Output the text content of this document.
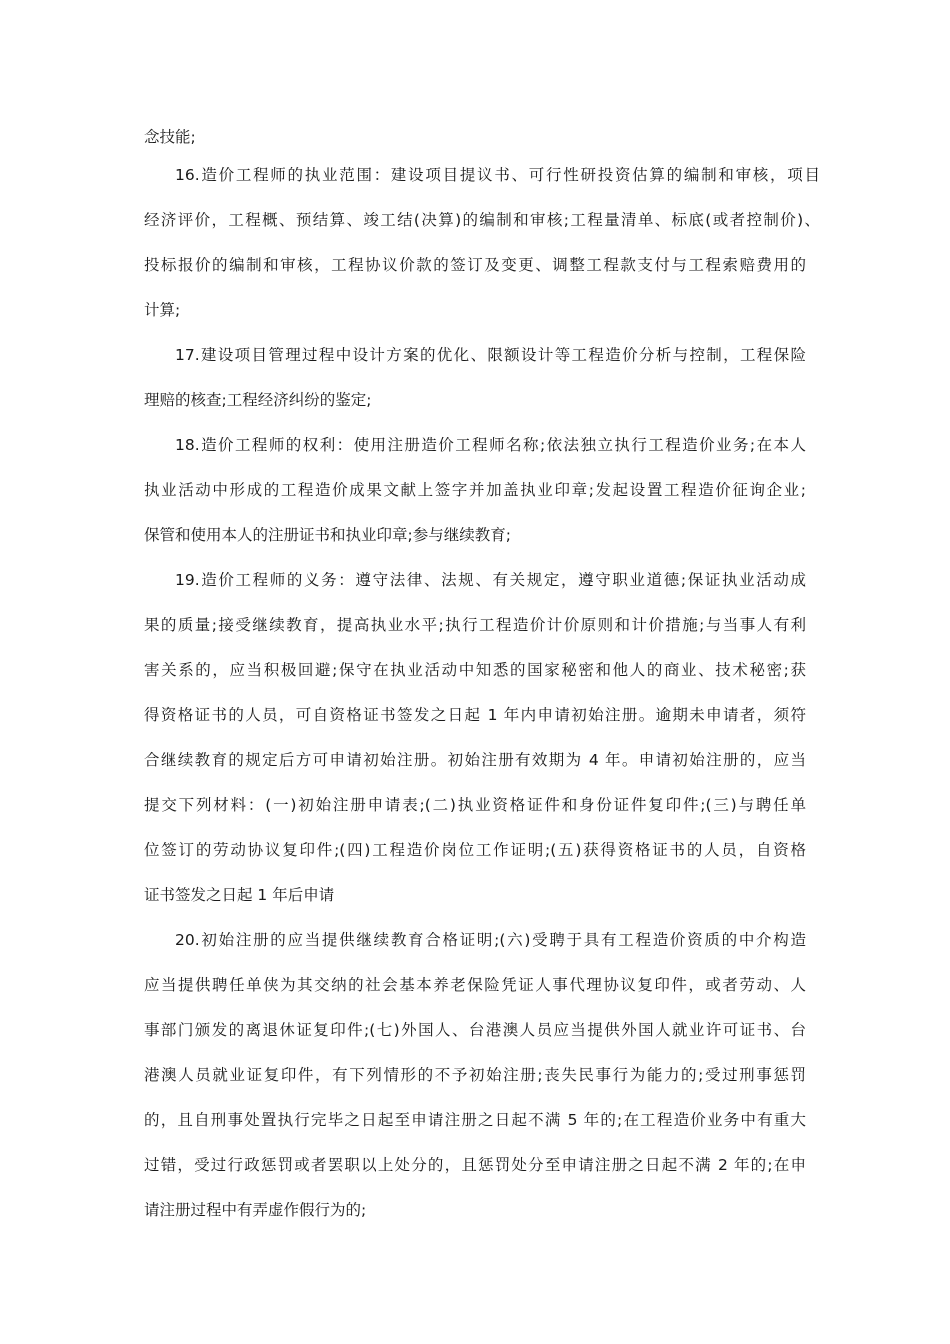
念技能;
16.造价工程师的执业范围：建设项目提议书、可行性研投资估算的编制和审核，项目
经济评价，工程概、预结算、竣工结(决算)的编制和审核;工程量清单、标底(或者控制价)、
投标报价的编制和审核，工程协议价款的签订及变更、调整工程款支付与工程索赔费用的
计算;
17.建设项目管理过程中设计方案的优化、限额设计等工程造价分析与控制，工程保险
理赔的核查;工程经济纠纷的鉴定;
18.造价工程师的权利：使用注册造价工程师名称;依法独立执行工程造价业务;在本人
执业活动中形成的工程造价成果文献上签字并加盖执业印章;发起设置工程造价征询企业;
保管和使用本人的注册证书和执业印章;参与继续教育;
19.造价工程师的义务：遵守法律、法规、有关规定，遵守职业道德;保证执业活动成
果的质量;接受继续教育，提高执业水平;执行工程造价计价原则和计价措施;与当事人有利
害关系的，应当积极回避;保守在执业活动中知悉的国家秘密和他人的商业、技术秘密;获
得资格证书的人员，可自资格证书签发之日起 1 年内申请初始注册。逾期未申请者，须符
合继续教育的规定后方可申请初始注册。初始注册有效期为 4 年。申请初始注册的，应当
提交下列材料：(一)初始注册申请表;(二)执业资格证件和身份证件复印件;(三)与聘任单
位签订的劳动协议复印件;(四)工程造价岗位工作证明;(五)获得资格证书的人员，自资格
证书签发之日起 1 年后申请
20.初始注册的应当提供继续教育合格证明;(六)受聘于具有工程造价资质的中介构造
应当提供聘任单侠为其交纳的社会基本养老保险凭证人事代理协议复印件，或者劳动、人
事部门颁发的离退休证复印件;(七)外国人、台港澳人员应当提供外国人就业许可证书、台
港澳人员就业证复印件，有下列情形的不予初始注册;丧失民事行为能力的;受过刑事惩罚
的，且自刑事处置执行完毕之日起至申请注册之日起不满 5 年的;在工程造价业务中有重大
过错，受过行政惩罚或者罢职以上处分的，且惩罚处分至申请注册之日起不满 2 年的;在申
请注册过程中有弄虚作假行为的;
